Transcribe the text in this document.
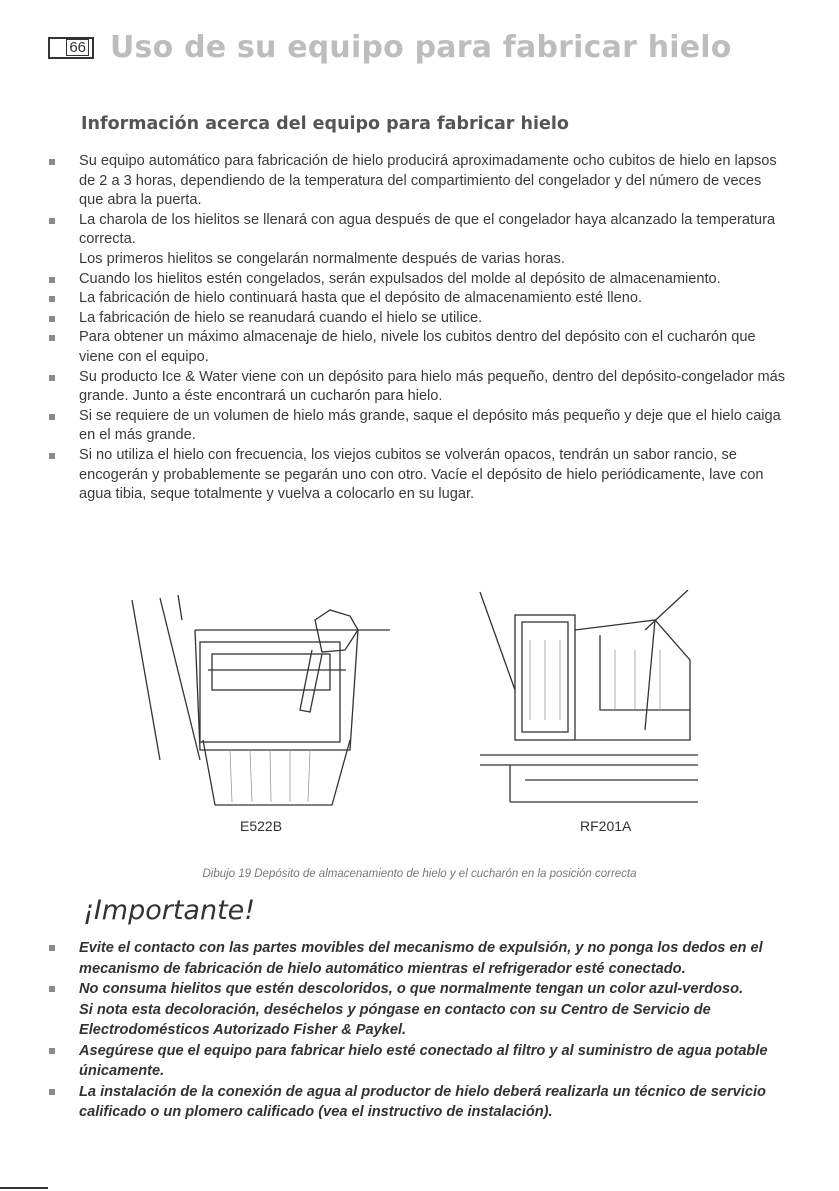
66 Uso de su equipo para fabricar hielo
Información acerca del equipo para fabricar hielo
Su equipo automático para fabricación de hielo producirá aproximadamente ocho cubitos de hielo en lapsos de 2 a 3 horas, dependiendo de la temperatura del compartimiento del congelador y del número de veces que abra la puerta.
La charola de los hielitos se llenará con agua después de que el congelador haya alcanzado la temperatura correcta.
Los primeros hielitos se congelarán normalmente después de varias horas.
Cuando los hielitos estén congelados, serán expulsados del molde al depósito de almacenamiento.
La fabricación de hielo continuará hasta que el depósito de almacenamiento esté lleno.
La fabricación de hielo se reanudará cuando el hielo se utilice.
Para obtener un máximo almacenaje de hielo, nivele los cubitos dentro del depósito con el cucharón que viene con el equipo.
Su producto Ice & Water viene con un depósito para hielo más pequeño, dentro del depósito-congelador más grande. Junto a éste encontrará un cucharón para hielo.
Si se requiere de un volumen de hielo más grande, saque el depósito más pequeño y deje que el hielo caiga en el más grande.
Si no utiliza el hielo con frecuencia, los viejos cubitos se volverán opacos, tendrán un sabor rancio, se encogerán y probablemente se pegarán uno con otro. Vacíe el depósito de hielo periódicamente, lave con agua tibia, seque totalmente y vuelva a colocarlo en su lugar.
E522B	RF201A
Dibujo 19 Depósito de almacenamiento de hielo y el cucharón en la posición correcta
¡Importante!
Evite el contacto con las partes movibles del mecanismo de expulsión, y no ponga los dedos en el mecanismo de fabricación de hielo automático mientras el refrigerador esté conectado.
No consuma hielitos que estén descoloridos, o que normalmente tengan un color azul-verdoso.
Si nota esta decoloración, deséchelos y póngase en contacto con su Centro de Servicio de Electrodomésticos Autorizado Fisher & Paykel.
Asegúrese que el equipo para fabricar hielo esté conectado al filtro y al suministro de agua potable únicamente.
La instalación de la conexión de agua al productor de hielo deberá realizarla un técnico de servicio calificado o un plomero calificado (vea el instructivo de instalación).
